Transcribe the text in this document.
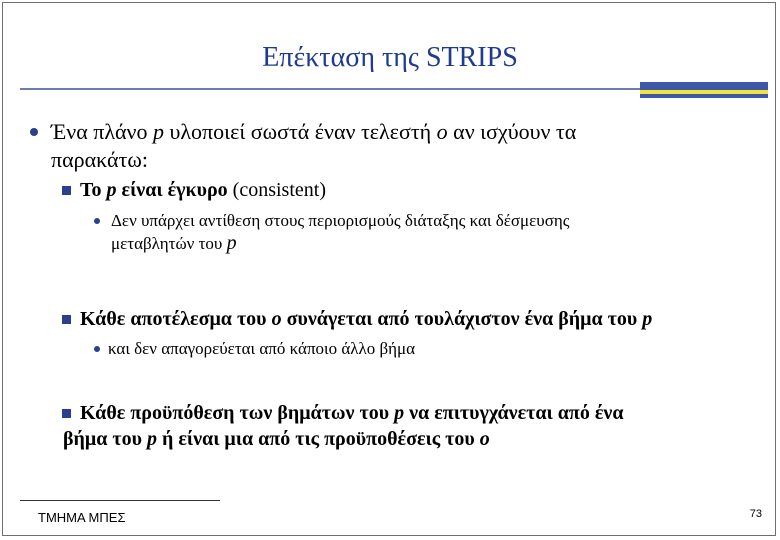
Επέκταση της STRIPS
Ένα πλάνο p υλοποιεί σωστά έναν τελεστή o αν ισχύουν τα
παρακάτω:
Το p είναι έγκυρο (consistent)
Δεν υπάρχει αντίθεση στους περιορισμούς διάταξης και δέσμευσης
μεταβλητών του p
Κάθε αποτέλεσμα του o συνάγεται από τουλάχιστον ένα βήμα του p
και δεν απαγορεύεται από κάποιο άλλο βήμα
Κάθε προϋπόθεση των βημάτων του p να επιτυγχάνεται από ένα
βήμα του p ή είναι μια από τις προϋποθέσεις του o
ΤΜΗΜΑ ΜΠΕΣ	73
